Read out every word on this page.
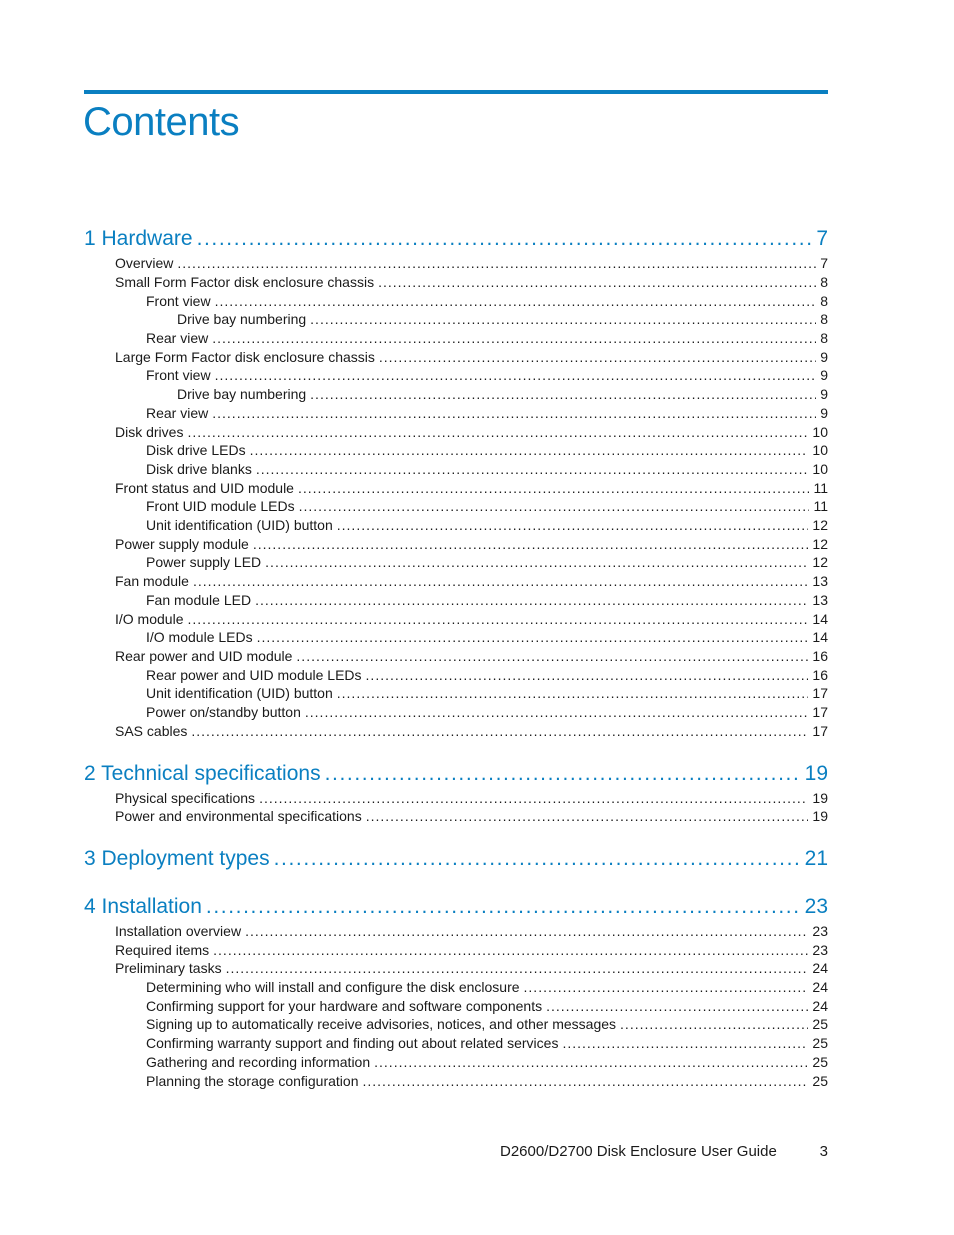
Contents
1 Hardware .....	7
Overview .....	7
Small Form Factor disk enclosure chassis .....	8
Front view .....	8
Drive bay numbering .....	8
Rear view .....	8
Large Form Factor disk enclosure chassis .....	9
Front view .....	9
Drive bay numbering .....	9
Rear view .....	9
Disk drives .....	10
Disk drive LEDs .....	10
Disk drive blanks .....	10
Front status and UID module .....	11
Front UID module LEDs .....	11
Unit identification (UID) button .....	12
Power supply module .....	12
Power supply LED .....	12
Fan module .....	13
Fan module LED .....	13
I/O module .....	14
I/O module LEDs .....	14
Rear power and UID module .....	16
Rear power and UID module LEDs .....	16
Unit identification (UID) button .....	17
Power on/standby button .....	17
SAS cables .....	17
2 Technical specifications .....	19
Physical specifications .....	19
Power and environmental specifications .....	19
3 Deployment types .....	21
4 Installation .....	23
Installation overview .....	23
Required items .....	23
Preliminary tasks .....	24
Determining who will install and configure the disk enclosure .....	24
Confirming support for your hardware and software components .....	24
Signing up to automatically receive advisories, notices, and other messages .....	25
Confirming warranty support and finding out about related services .....	25
Gathering and recording information .....	25
Planning the storage configuration .....	25
D2600/D2700 Disk Enclosure User Guide	3
